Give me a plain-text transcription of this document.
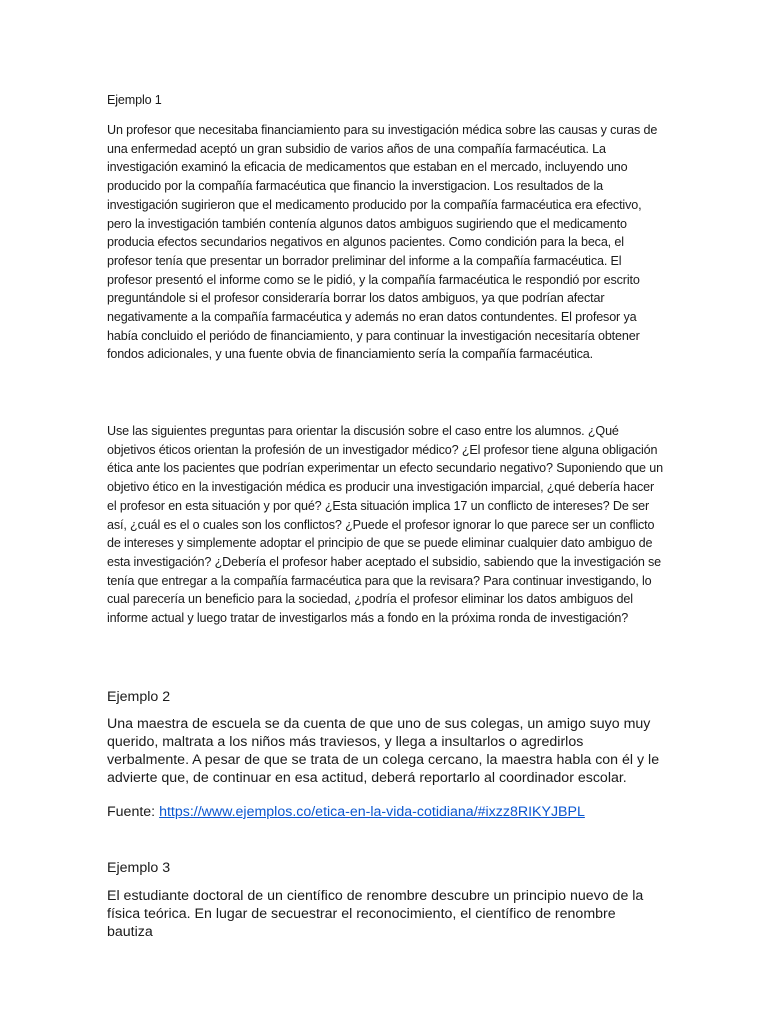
Ejemplo 1

Un profesor que necesitaba financiamiento para su investigación médica sobre las causas y curas de una enfermedad aceptó un gran subsidio de varios años de una compañía farmacéutica. La investigación examinó la eficacia de medicamentos que estaban en el mercado, incluyendo uno producido por la compañía farmacéutica que financio la inverstigacion. Los resultados de la investigación sugirieron que el medicamento producido por la compañía farmacéutica era efectivo, pero la investigación también contenía algunos datos ambiguos sugiriendo que el medicamento producia efectos secundarios negativos en algunos pacientes. Como condición para la beca, el profesor tenía que presentar un borrador preliminar del informe a la compañía farmacéutica. El profesor presentó el informe como se le pidió, y la compañía farmacéutica le respondió por escrito preguntándole si el profesor consideraría borrar los datos ambiguos, ya que podrían afectar negativamente a la compañía farmacéutica y además no eran datos contundentes. El profesor ya había concluido el periódo de financiamiento, y para continuar la investigación necesitaría obtener fondos adicionales, y una fuente obvia de financiamiento sería la compañía farmacéutica.

Use las siguientes preguntas para orientar la discusión sobre el caso entre los alumnos. ¿Qué objetivos éticos orientan la profesión de un investigador médico? ¿El profesor tiene alguna obligación ética ante los pacientes que podrían experimentar un efecto secundario negativo? Suponiendo que un objetivo ético en la investigación médica es producir una investigación imparcial, ¿qué debería hacer el profesor en esta situación y por qué? ¿Esta situación implica 17 un conflicto de intereses? De ser así, ¿cuál es el o cuales son los conflictos? ¿Puede el profesor ignorar lo que parece ser un conflicto de intereses y simplemente adoptar el principio de que se puede eliminar cualquier dato ambiguo de esta investigación? ¿Debería el profesor haber aceptado el subsidio, sabiendo que la investigación se tenía que entregar a la compañía farmacéutica para que la revisara? Para continuar investigando, lo cual parecería un beneficio para la sociedad, ¿podría el profesor eliminar los datos ambiguos del informe actual y luego tratar de investigarlos más a fondo en la próxima ronda de investigación?

Ejemplo 2

Una maestra de escuela se da cuenta de que uno de sus colegas, un amigo suyo muy querido, maltrata a los niños más traviesos, y llega a insultarlos o agredirlos verbalmente. A pesar de que se trata de un colega cercano, la maestra habla con él y le advierte que, de continuar en esa actitud, deberá reportarlo al coordinador escolar.

Fuente: https://www.ejemplos.co/etica-en-la-vida-cotidiana/#ixzz8RIKYJBPL

Ejemplo 3

El estudiante doctoral de un científico de renombre descubre un principio nuevo de la física teórica. En lugar de secuestrar el reconocimiento, el científico de renombre bautiza
